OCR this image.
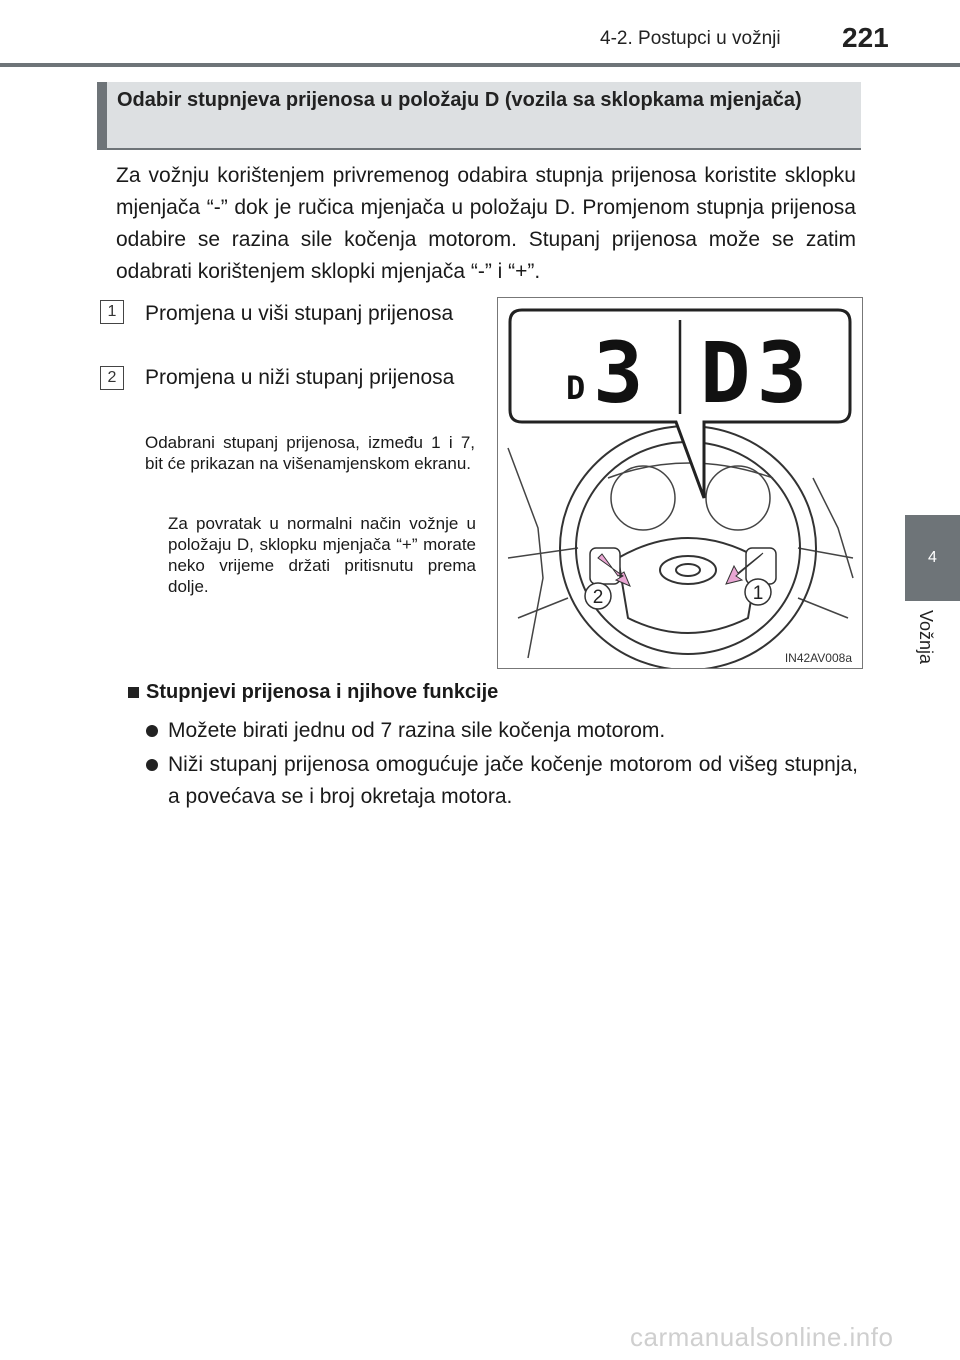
4-2. Postupci u vožnji 221
4
Vožnja
Odabir stupnjeva prijenosa u položaju D (vozila sa sklopkama mjenjača)
Za vožnju korištenjem privremenog odabira stupnja prijenosa koristite sklopku mjenjača “-” dok je ručica mjenjača u položaju D. Promjenom stupnja prijenosa odabire se razina sile kočenja motorom. Stupanj prijenosa može se zatim odabrati korištenjem sklopki mjenjača “-” i “+”.
1	Promjena u viši stupanj prijenosa
2	Promjena u niži stupanj prijenosa
Odabrani stupanj prijenosa, između 1 i 7, bit će prikazan na višenamjenskom ekranu.
Za povratak u normalni način vožnje u položaju D, sklopku mjenjača “+” morate neko vrijeme držati pritisnutu prema dolje.
2	1
D 3 D3
IN42AV008a
Stupnjevi prijenosa i njihove funkcije
Možete birati jednu od 7 razina sile kočenja motorom.
Niži stupanj prijenosa omogućuje jače kočenje motorom od višeg stupnja, a povećava se i broj okretaja motora.
carmanualsonline.info
